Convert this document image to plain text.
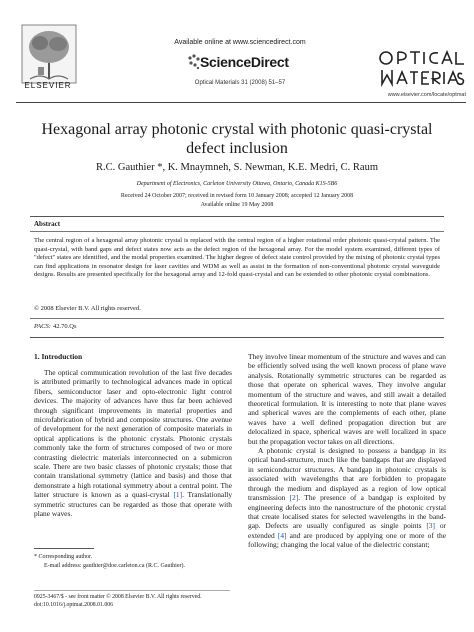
ELSEVIER
Available online at www.sciencedirect.com
ScienceDirect
Optical Materials 31 (2008) 51–57
www.elsevier.com/locate/optmat
Hexagonal array photonic crystal with photonic quasi-crystal defect inclusion
R.C. Gauthier *, K. Mnaymneh, S. Newman, K.E. Medri, C. Raum
Department of Electronics, Carleton University Ottawa, Ontario, Canada K1S-5B6
Received 24 October 2007; received in revised form 10 January 2008; accepted 12 January 2008
Available online 19 May 2008
Abstract
The central region of a hexagonal array photonic crystal is replaced with the central region of a higher rotational order photonic quasi-crystal pattern. The quasi-crystal, with band gaps and defect states now acts as the defect region of the hexagonal array. For the model system examined, different types of "defect" states are identified, and the modal properties examined. The higher degree of defect state control provided by the mixing of photonic crystal types can find applications in resonator design for laser cavities and WDM as well as assist in the formation of non-conventional photonic crystal waveguide designs. Results are presented specifically for the hexagonal array and 12-fold quasi-crystal and can be extended to other photonic crystal combinations.
© 2008 Elsevier B.V. All rights reserved.
PACS: 42.70.Qs
1. Introduction
The optical communication revolution of the last five decades is attributed primarily to technological advances made in optical fibers, semiconductor laser and opto-electronic light control devices. The majority of advances have thus far been achieved through significant improvements in material properties and microfabrication of hybrid and composite structures. One avenue of development for the next generation of composite materials in optical applications is the photonic crystals. Photonic crystals commonly take the form of structures composed of two or more contrasting dielectric materials interconnected on a submicron scale. There are two basic classes of photonic crystals; those that contain translational symmetry (lattice and basis) and those that demonstrate a high rotational symmetry about a central point. The latter structure is known as a quasi-crystal [1]. Translationally symmetric structures can be regarded as those that operate with plane waves.

They involve linear momentum of the structure and waves and can be efficiently solved using the well known process of plane wave analysis. Rotationally symmetric structures can be regarded as those that operate on spherical waves. They involve angular momentum of the structure and waves, and still await a detailed theoretical formulation. It is interesting to note that plane waves and spherical waves are the complements of each other, plane waves have a well defined propagation direction but are delocalized in space, spherical waves are well localized in space but the propagation vector takes on all directions.

A photonic crystal is designed to possess a bandgap in its optical band-structure, much like the bandgaps that are displayed in semiconductor structures. A bandgap in photonic crystals is associated with wavelengths that are forbidden to propagate through the medium and displayed as a region of low optical transmission [2]. The presence of a bandgap is exploited by engineering defects into the nanostructure of the photonic crystal that create localised states for selected wavelengths in the band-gap. Defects are usually configured as single points [3] or extended [4] and are produced by applying one or more of the following; changing the local value of the dielectric constant;

* Corresponding author.
E-mail address: gauthier@doe.carleton.ca (R.C. Gauthier).
0925-3467/$ - see front matter © 2008 Elsevier B.V. All rights reserved.
doi:10.1016/j.optmat.2008.01.006
